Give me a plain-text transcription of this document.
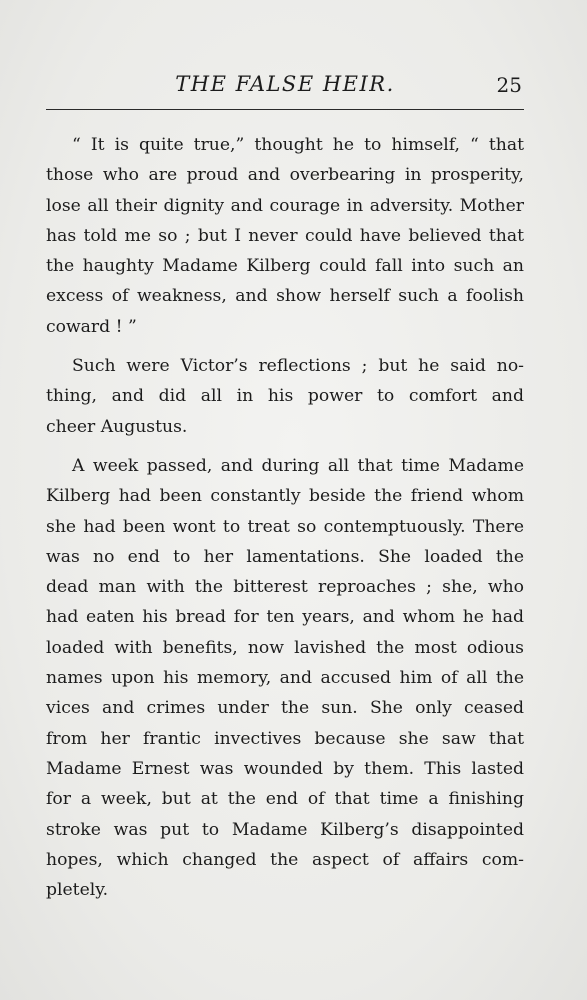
THE FALSE HEIR.	25
“ It is quite true,” thought he to himself, “ that
those who are proud and overbearing in prosperity,
lose all their dignity and courage in adversity. Mother
has told me so ; but I never could have believed that
the haughty Madame Kilberg could fall into such an
excess of weakness, and show herself such a foolish
coward ! ”
Such were Victor’s reflections ; but he said no-
thing, and did all in his power to comfort and
cheer Augustus.
A week passed, and during all that time Madame
Kilberg had been constantly beside the friend whom
she had been wont to treat so contemptuously. There
was no end to her lamentations. She loaded the
dead man with the bitterest reproaches ; she, who
had eaten his bread for ten years, and whom he had
loaded with benefits, now lavished the most odious
names upon his memory, and accused him of all the
vices and crimes under the sun. She only ceased
from her frantic invectives because she saw that
Madame Ernest was wounded by them. This lasted
for a week, but at the end of that time a finishing
stroke was put to Madame Kilberg’s disappointed
hopes, which changed the aspect of affairs com-
pletely.
